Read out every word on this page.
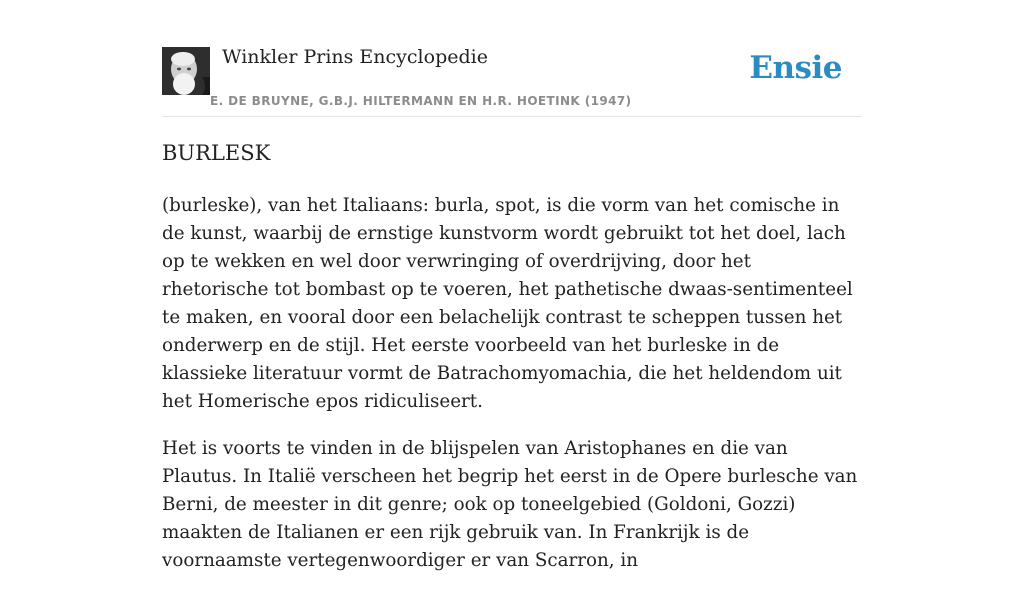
Winkler Prins Encyclopedie
E. DE BRUYNE, G.B.J. HILTERMANN EN H.R. HOETINK (1947)
Ensie
BURLESK

(burleske), van het Italiaans: burla, spot, is die vorm van het comische in de kunst, waarbij de ernstige kunstvorm wordt gebruikt tot het doel, lach op te wekken en wel door verwringing of overdrijving, door het rhetorische tot bombast op te voeren, het pathetische dwaas-sentimenteel te maken, en vooral door een belachelijk contrast te scheppen tussen het onderwerp en de stijl. Het eerste voorbeeld van het burleske in de klassieke literatuur vormt de Batrachomyomachia, die het heldendom uit het Homerische epos ridiculiseert.

Het is voorts te vinden in de blijspelen van Aristophanes en die van Plautus. In Italië verscheen het begrip het eerst in de Opere burlesche van Berni, de meester in dit genre; ook op toneelgebied (Goldoni, Gozzi) maakten de Italianen er een rijk gebruik van. In Frankrijk is de voornaamste vertegenwoordiger er van Scarron, in
